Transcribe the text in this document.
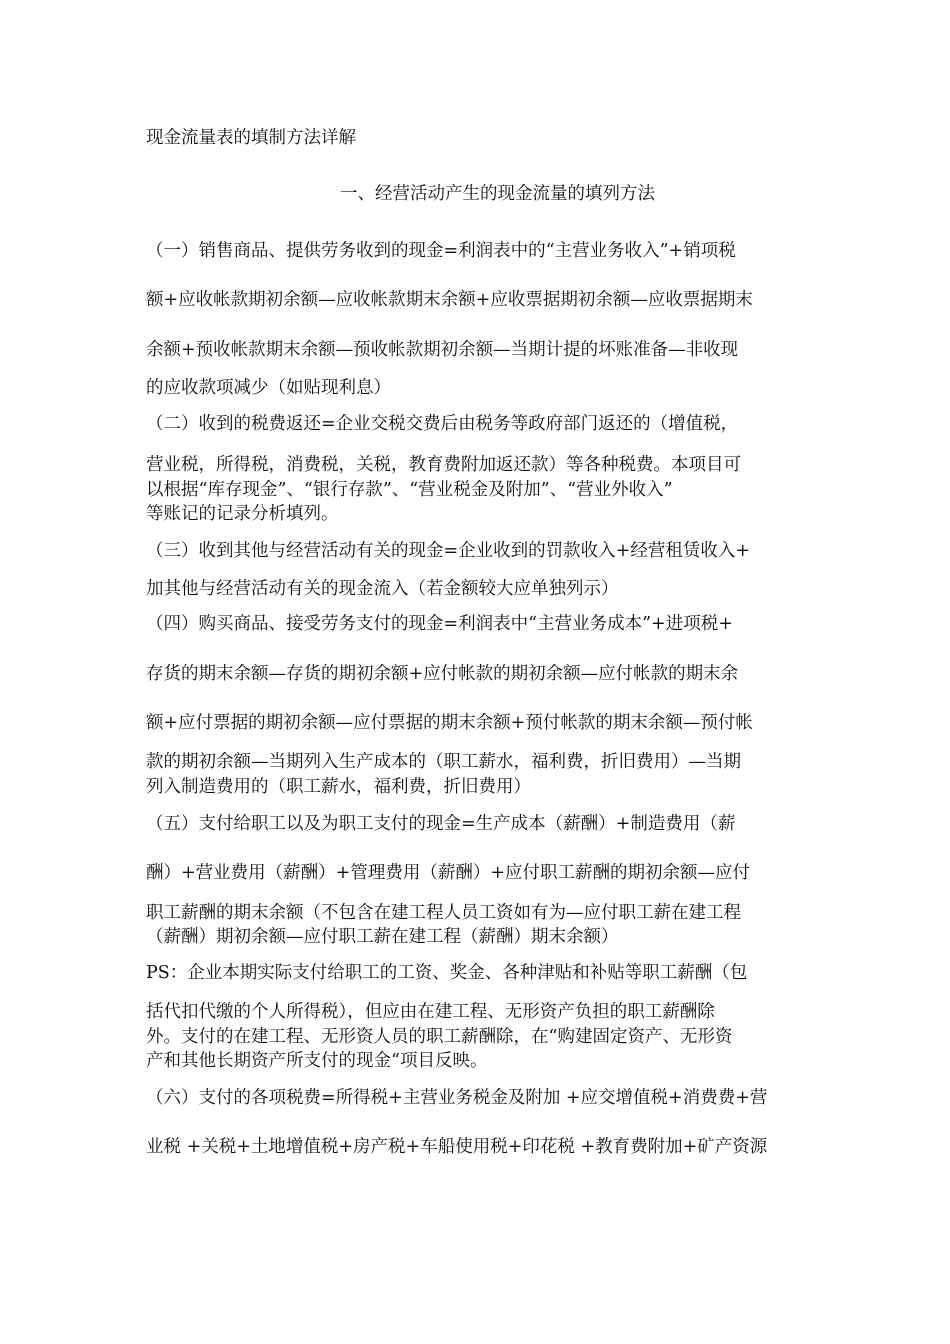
现金流量表的填制方法详解
一、经营活动产生的现金流量的填列方法
（一）销售商品、提供劳务收到的现金=利润表中的“主营业务收入”+销项税
额+应收帐款期初余额—应收帐款期末余额+应收票据期初余额—应收票据期末
余额+预收帐款期末余额—预收帐款期初余额—当期计提的坏账准备—非收现
的应收款项减少（如贴现利息）
（二）收到的税费返还=企业交税交费后由税务等政府部门返还的（增值税，
营业税，所得税，消费税，关税，教育费附加返还款）等各种税费。本项目可
以根据“库存现金”、“银行存款”、“营业税金及附加”、“营业外收入”
等账记的记录分析填列。
（三）收到其他与经营活动有关的现金=企业收到的罚款收入+经营租赁收入+
加其他与经营活动有关的现金流入（若金额较大应单独列示）
（四）购买商品、接受劳务支付的现金=利润表中“主营业务成本”+进项税+
存货的期末余额—存货的期初余额+应付帐款的期初余额—应付帐款的期末余
额+应付票据的期初余额—应付票据的期末余额+预付帐款的期末余额—预付帐
款的期初余额—当期列入生产成本的（职工薪水，福利费，折旧费用）—当期
列入制造费用的（职工薪水，福利费，折旧费用）
（五）支付给职工以及为职工支付的现金=生产成本（薪酬）+制造费用（薪
酬）+营业费用（薪酬）+管理费用（薪酬）+应付职工薪酬的期初余额—应付
职工薪酬的期末余额（不包含在建工程人员工资如有为—应付职工薪在建工程
（薪酬）期初余额—应付职工薪在建工程（薪酬）期末余额）
PS：企业本期实际支付给职工的工资、奖金、各种津贴和补贴等职工薪酬（包
括代扣代缴的个人所得税），但应由在建工程、无形资产负担的职工薪酬除
外。支付的在建工程、无形资人员的职工薪酬除，在“购建固定资产、无形资
产和其他长期资产所支付的现金“项目反映。
（六）支付的各项税费=所得税+主营业务税金及附加 +应交增值税+消费费+营
业税 +关税+土地增值税+房产税+车船使用税+印花税 +教育费附加+矿产资源
